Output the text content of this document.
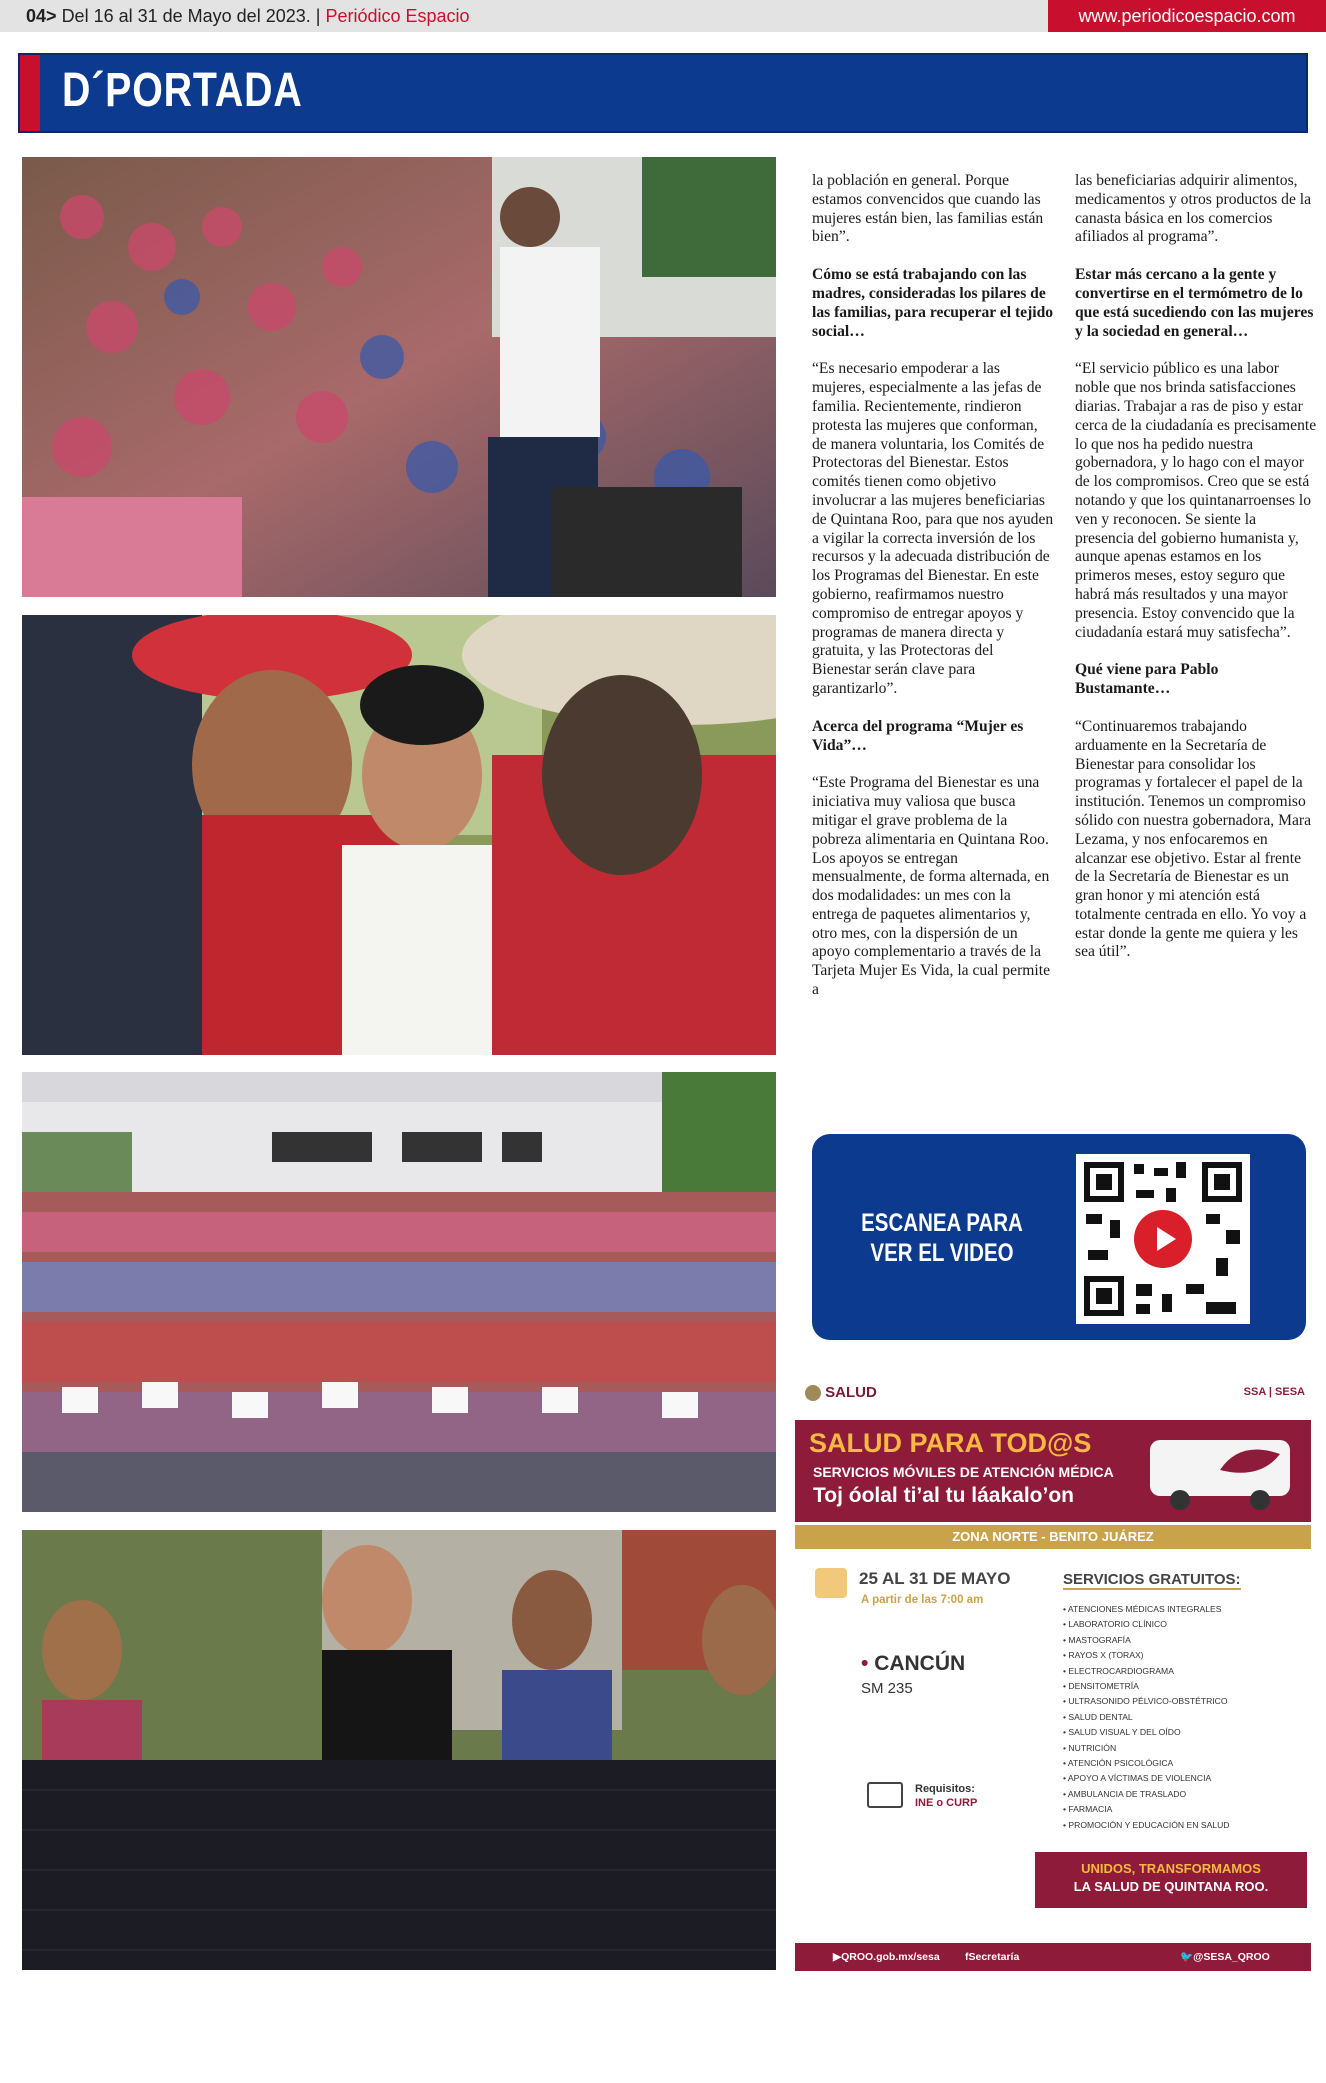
04> Del 16 al 31 de Mayo del 2023. | Periódico Espacio	www.periodicoespacio.com
D´PORTADA

la población en general. Porque estamos convencidos que cuando las mujeres están bien, las familias están bien”.

Cómo se está trabajando con las madres, consideradas los pilares de las familias, para recuperar el tejido social…

“Es necesario empoderar a las mujeres, especialmente a las jefas de familia. Recientemente, rindieron protesta las mujeres que conforman, de manera voluntaria, los Comités de Protectoras del Bienestar. Estos comités tienen como objetivo involucrar a las mujeres beneficiarias de Quintana Roo, para que nos ayuden a vigilar la correcta inversión de los recursos y la adecuada distribución de los Programas del Bienestar. En este gobierno, reafirmamos nuestro compromiso de entregar apoyos y programas de manera directa y gratuita, y las Protectoras del Bienestar serán clave para garantizarlo”.

Acerca del programa “Mujer es Vida”…

“Este Programa del Bienestar es una iniciativa muy valiosa que busca mitigar el grave problema de la pobreza alimentaria en Quintana Roo. Los apoyos se entregan mensualmente, de forma alternada, en dos modalidades: un mes con la entrega de paquetes alimentarios y, otro mes, con la dispersión de un apoyo complementario a través de la Tarjeta Mujer Es Vida, la cual permite a

las beneficiarias adquirir alimentos, medicamentos y otros productos de la canasta básica en los comercios afiliados al programa”.

Estar más cercano a la gente y convertirse en el termómetro de lo que está sucediendo con las mujeres y la sociedad en general…

“El servicio público es una labor noble que nos brinda satisfacciones diarias. Trabajar a ras de piso y estar cerca de la ciudadanía es precisamente lo que nos ha pedido nuestra gobernadora, y lo hago con el mayor de los compromisos. Creo que se está notando y que los quintanarroenses lo ven y reconocen. Se siente la presencia del gobierno humanista y, aunque apenas estamos en los primeros meses, estoy seguro que habrá más resultados y una mayor presencia. Estoy convencido que la ciudadanía estará muy satisfecha”.

Qué viene para Pablo Bustamante…

“Continuaremos trabajando arduamente en la Secretaría de Bienestar para consolidar los programas y fortalecer el papel de la institución. Tenemos un compromiso sólido con nuestra gobernadora, Mara Lezama, y nos enfocaremos en alcanzar ese objetivo. Estar al frente de la Secretaría de Bienestar es un gran honor y mi atención está totalmente centrada en ello. Yo voy a estar donde la gente me quiera y les sea útil”.

ESCANEA PARA
VER EL VIDEO
SALUD	SSA | SESA
SALUD PARA TOD@S
SERVICIOS MÓVILES DE ATENCIÓN MÉDICA
Toj óolal ti’al tu láakalo’on
ZONA NORTE - BENITO JUÁREZ
25 AL 31 DE MAYO
A partir de las 7:00 am
• CANCÚN
SM 235
Requisitos:
INE o CURP
SERVICIOS GRATUITOS:
• ATENCIONES MÉDICAS INTEGRALES
• LABORATORIO CLÍNICO
• MASTOGRAFÍA
• RAYOS X (TORAX)
• ELECTROCARDIOGRAMA
• DENSITOMETRÍA
• ULTRASONIDO PÉLVICO-OBSTÉTRICO
• SALUD DENTAL
• SALUD VISUAL Y DEL OÍDO
• NUTRICIÓN
• ATENCIÓN PSICOLÓGICA
• APOYO A VÍCTIMAS DE VIOLENCIA
• AMBULANCIA DE TRASLADO
• FARMACIA
• PROMOCIÓN Y EDUCACIÓN EN SALUD
UNIDOS, TRANSFORMAMOS
LA SALUD DE QUINTANA ROO.
▶ QROO.gob.mx/sesa f Secretaría de Salud de Quintana Roo
🐦 @SESA_QROO
